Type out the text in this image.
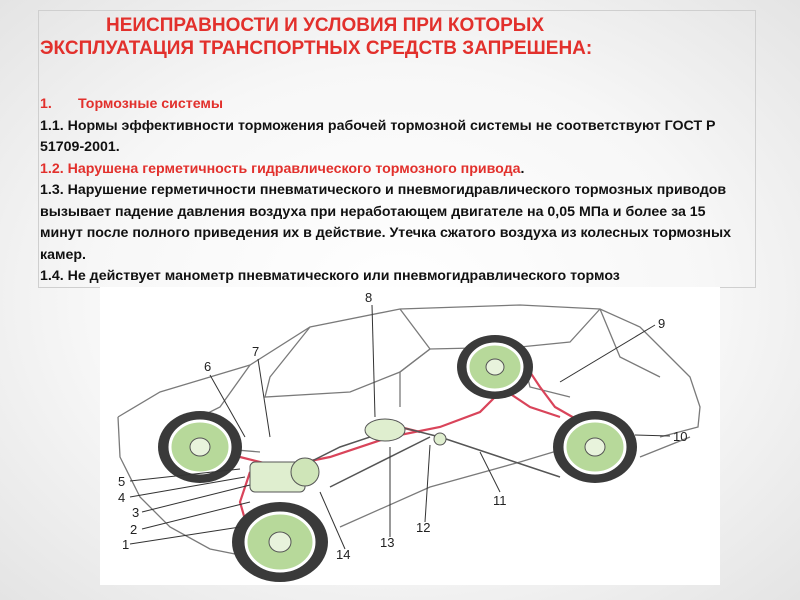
НЕИСПРАВНОСТИ И УСЛОВИЯ ПРИ КОТОРЫХ
ЭКСПЛУАТАЦИЯ ТРАНСПОРТНЫХ СРЕДСТВ ЗАПРЕШЕНА:

1. Тормозные системы

1.1. Нормы эффективности торможения рабочей тормозной системы не соответствуют ГОСТ Р 51709-2001.

1.2. Нарушена герметичность гидравлического тормозного привода.

1.3. Нарушение герметичности пневматического и пневмогидравлического тормозных приводов вызывает падение давления воздуха при неработающем двигателе на 0,05 МПа и более за 15 минут после полного приведения их в действие. Утечка сжатого воздуха из колесных тормозных камер.

1.4. Не действует манометр пневматического или пневмогидравлического тормоз

1
2
3
4
5
6
7
8
9
10
11
12
13
14
